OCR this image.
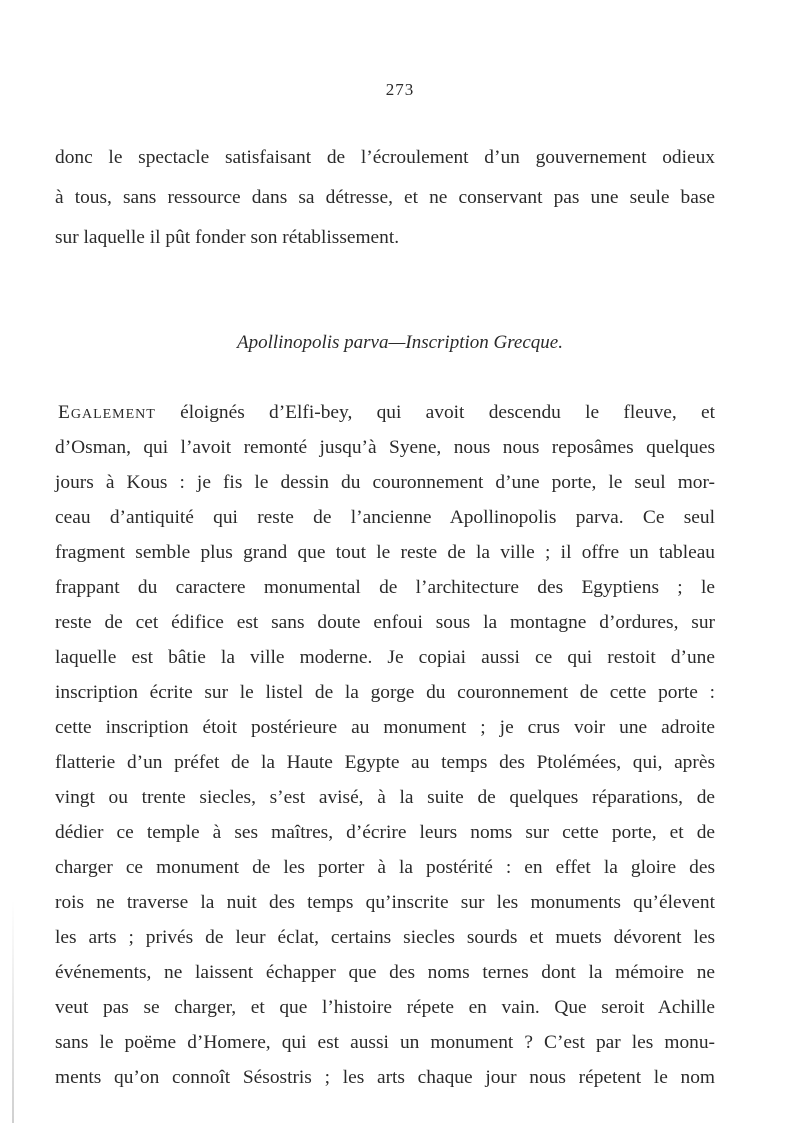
273
donc le spectacle satisfaisant de l’écroulement d’un gouvernement odieux
à tous, sans ressource dans sa détresse, et ne conservant pas une seule base
sur laquelle il pût fonder son rétablissement.
Apollinopolis parva—Inscription Grecque.
Egalement éloignés d’Elfi-bey, qui avoit descendu le fleuve, et
d’Osman, qui l’avoit remonté jusqu’à Syene, nous nous reposâmes quelques
jours à Kous : je fis le dessin du couronnement d’une porte, le seul mor-
ceau d’antiquité qui reste de l’ancienne Apollinopolis parva. Ce seul
fragment semble plus grand que tout le reste de la ville ; il offre un tableau
frappant du caractere monumental de l’architecture des Egyptiens ; le
reste de cet édifice est sans doute enfoui sous la montagne d’ordures, sur
laquelle est bâtie la ville moderne. Je copiai aussi ce qui restoit d’une
inscription écrite sur le listel de la gorge du couronnement de cette porte :
cette inscription étoit postérieure au monument ; je crus voir une adroite
flatterie d’un préfet de la Haute Egypte au temps des Ptolémées, qui, après
vingt ou trente siecles, s’est avisé, à la suite de quelques réparations, de
dédier ce temple à ses maîtres, d’écrire leurs noms sur cette porte, et de
charger ce monument de les porter à la postérité : en effet la gloire des
rois ne traverse la nuit des temps qu’inscrite sur les monuments qu’élevent
les arts ; privés de leur éclat, certains siecles sourds et muets dévorent les
événements, ne laissent échapper que des noms ternes dont la mémoire ne
veut pas se charger, et que l’histoire répete en vain. Que seroit Achille
sans le poëme d’Homere, qui est aussi un monument ? C’est par les monu-
ments qu’on connoît Sésostris ; les arts chaque jour nous répetent le nom
